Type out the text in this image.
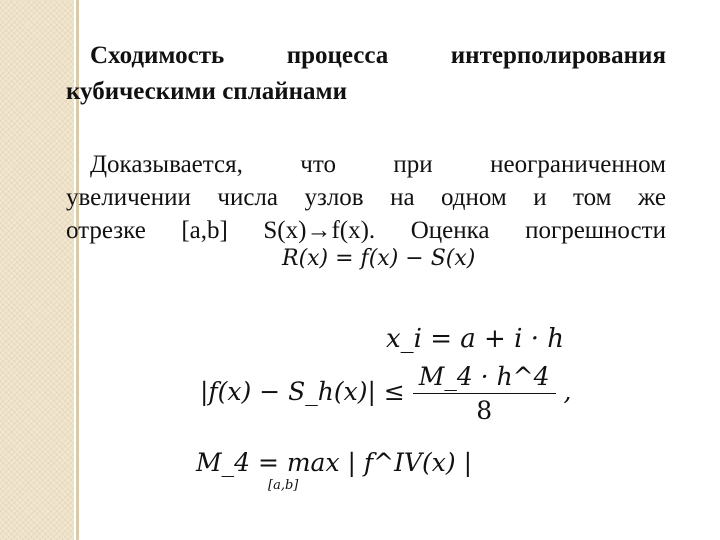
Сходимость процесса интерполирования
кубическими сплайнами
Доказывается, что при неограниченном
увеличении числа узлов на одном и том же
отрезке [a,b] S(x)→f(x). Оценка погрешности
R(x) = f(x) − S(x)
x_i = a + i · h
|f(x) − S_h(x)| ≤ $\frac{M\_4 \cdot h\^{}4}{8}$ ,
M_4 = max | f^IV(x) |
[a,b]
